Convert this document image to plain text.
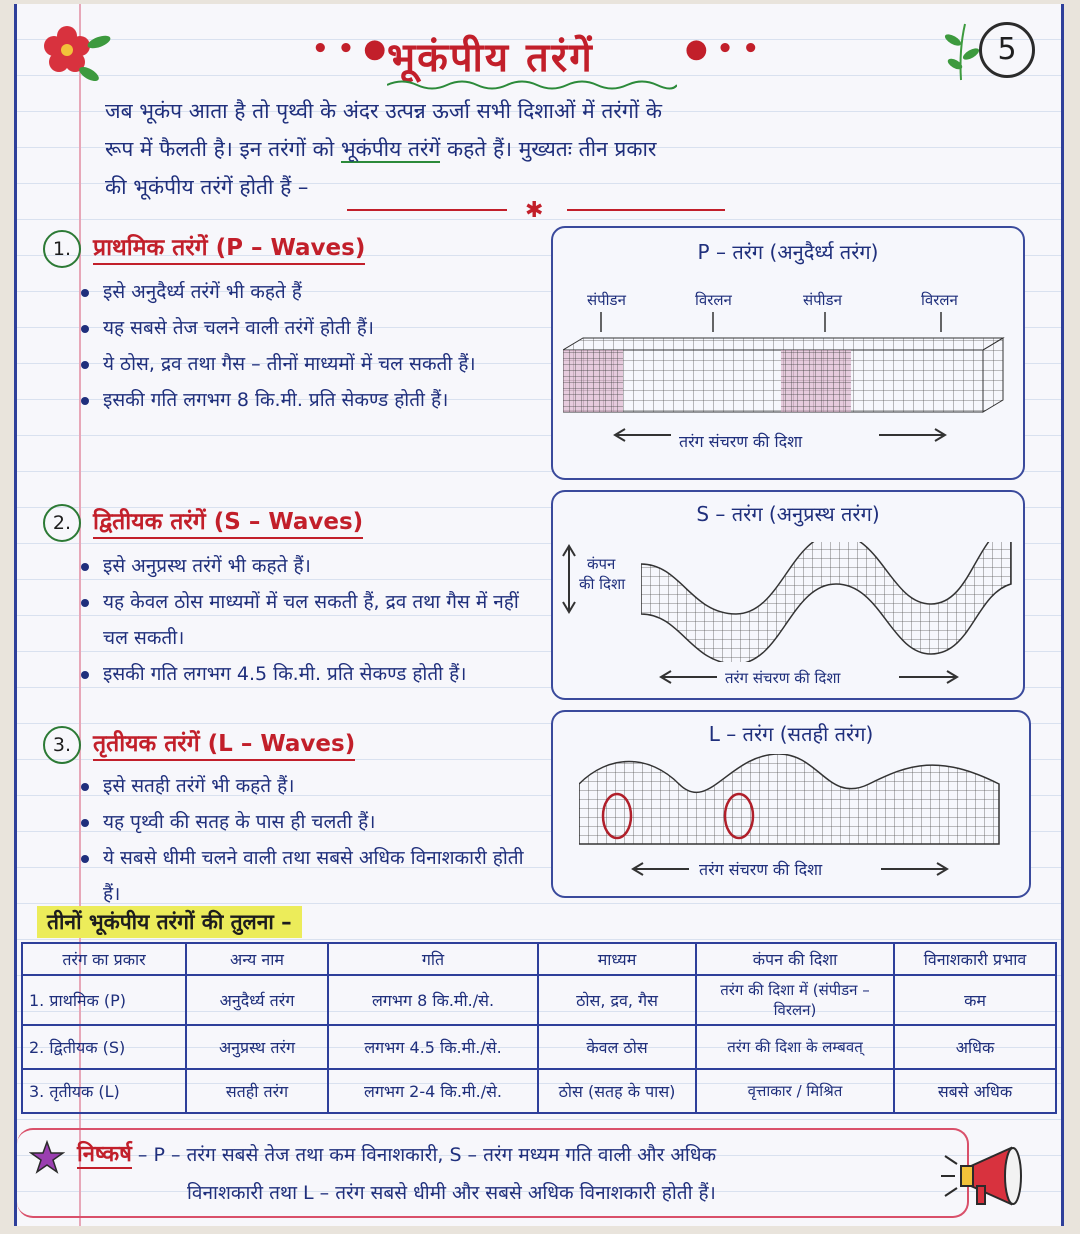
• • ● भूकंपीय तरंगें	● • •	5
जब भूकंप आता है तो पृथ्वी के अंदर उत्पन्न ऊर्जा सभी दिशाओं में तरंगों के
रूप में फैलती है। इन तरंगों को भूकंपीय तरंगें कहते हैं। मुख्यतः तीन प्रकार
की भूकंपीय तरंगें होती हैं –
✱
1. प्राथमिक तरंगें (P – Waves)
इसे अनुदैर्ध्य तरंगें भी कहते हैं
यह सबसे तेज चलने वाली तरंगें होती हैं।
ये ठोस, द्रव तथा गैस – तीनों माध्यमों में चल सकती हैं।
इसकी गति लगभग 8 कि.मी. प्रति सेकण्ड होती हैं।
2. द्वितीयक तरंगें (S – Waves)
इसे अनुप्रस्थ तरंगें भी कहते हैं।
यह केवल ठोस माध्यमों में चल सकती हैं, द्रव तथा गैस में नहीं चल सकती।
इसकी गति लगभग 4.5 कि.मी. प्रति सेकण्ड होती हैं।
3. तृतीयक तरंगें (L – Waves)
इसे सतही तरंगें भी कहते हैं।
यह पृथ्वी की सतह के पास ही चलती हैं।
ये सबसे धीमी चलने वाली तथा सबसे अधिक विनाशकारी होती हैं।
P – तरंग (अनुदैर्ध्य तरंग)
संपीडन	विरलन	संपीडन	विरलन
तरंग संचरण की दिशा
S – तरंग (अनुप्रस्थ तरंग)
कंपन
की दिशा
तरंग संचरण की दिशा
L – तरंग (सतही तरंग)
तरंग संचरण की दिशा
तीनों भूकंपीय तरंगों की तुलना –
तरंग का प्रकार	अन्य नाम	गति	माध्यम	कंपन की दिशा	विनाशकारी प्रभाव
1. प्राथमिक (P)	अनुदैर्ध्य तरंग	लगभग 8 कि.मी./से.	ठोस, द्रव, गैस	तरंग की दिशा में (संपीडन – विरलन)	कम
2. द्वितीयक (S)	अनुप्रस्थ तरंग	लगभग 4.5 कि.मी./से.	केवल ठोस	तरंग की दिशा के लम्बवत्	अधिक
3. तृतीयक (L)	सतही तरंग	लगभग 2-4 कि.मी./से.	ठोस (सतह के पास)	वृत्ताकार / मिश्रित	सबसे अधिक
निष्कर्ष – P – तरंग सबसे तेज तथा कम विनाशकारी, S – तरंग मध्यम गति वाली और अधिक
विनाशकारी तथा L – तरंग सबसे धीमी और सबसे अधिक विनाशकारी होती हैं।
